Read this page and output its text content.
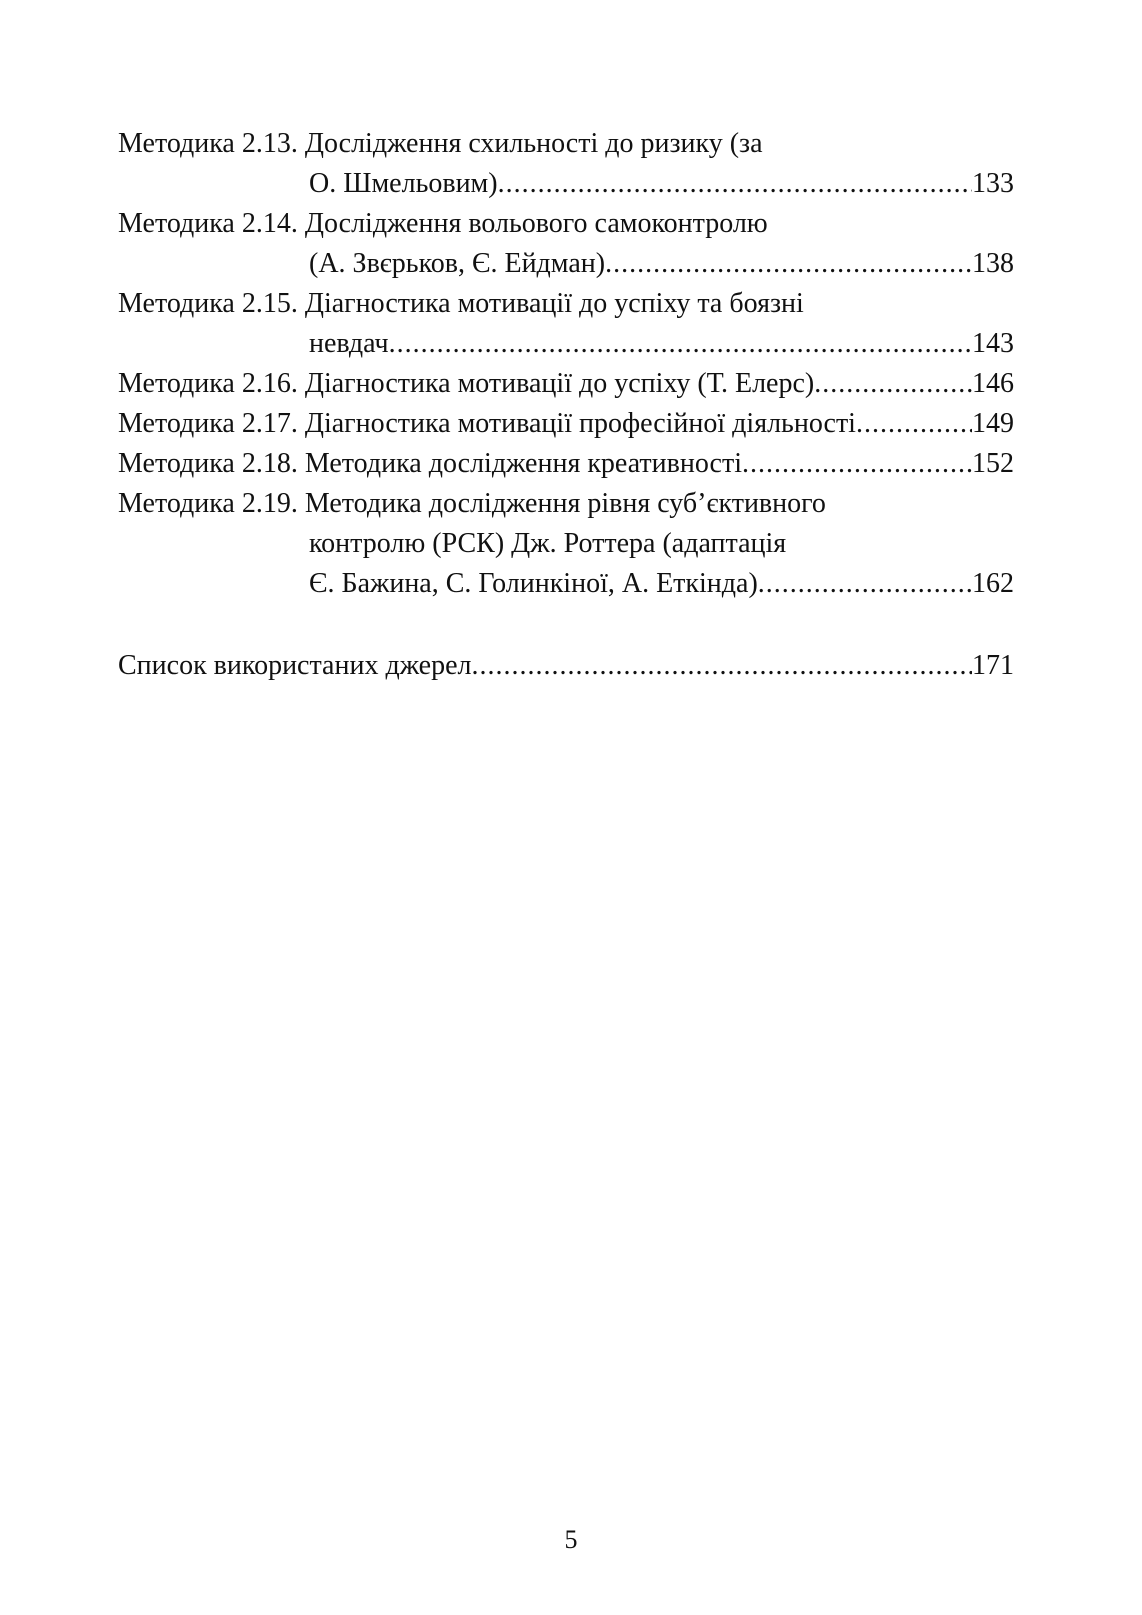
Методика 2.13. Дослідження схильності до ризику (за
О. Шмельовим) .....	133
Методика 2.14. Дослідження вольового самоконтролю
(А. Звєрьков, Є. Ейдман) .....	138
Методика 2.15. Діагностика мотивації до успіху та боязні
невдач .....	143
Методика 2.16. Діагностика мотивації до успіху (Т. Елерс) .....	146
Методика 2.17. Діагностика мотивації професійної діяльності .....	149
Методика 2.18. Методика дослідження креативності .....	152
Методика 2.19. Методика дослідження рівня суб’єктивного
контролю (РСК) Дж. Роттера (адаптація
Є. Бажина, С. Голинкіної, А. Еткінда) .....	162
Список використаних джерел .....	171
5
